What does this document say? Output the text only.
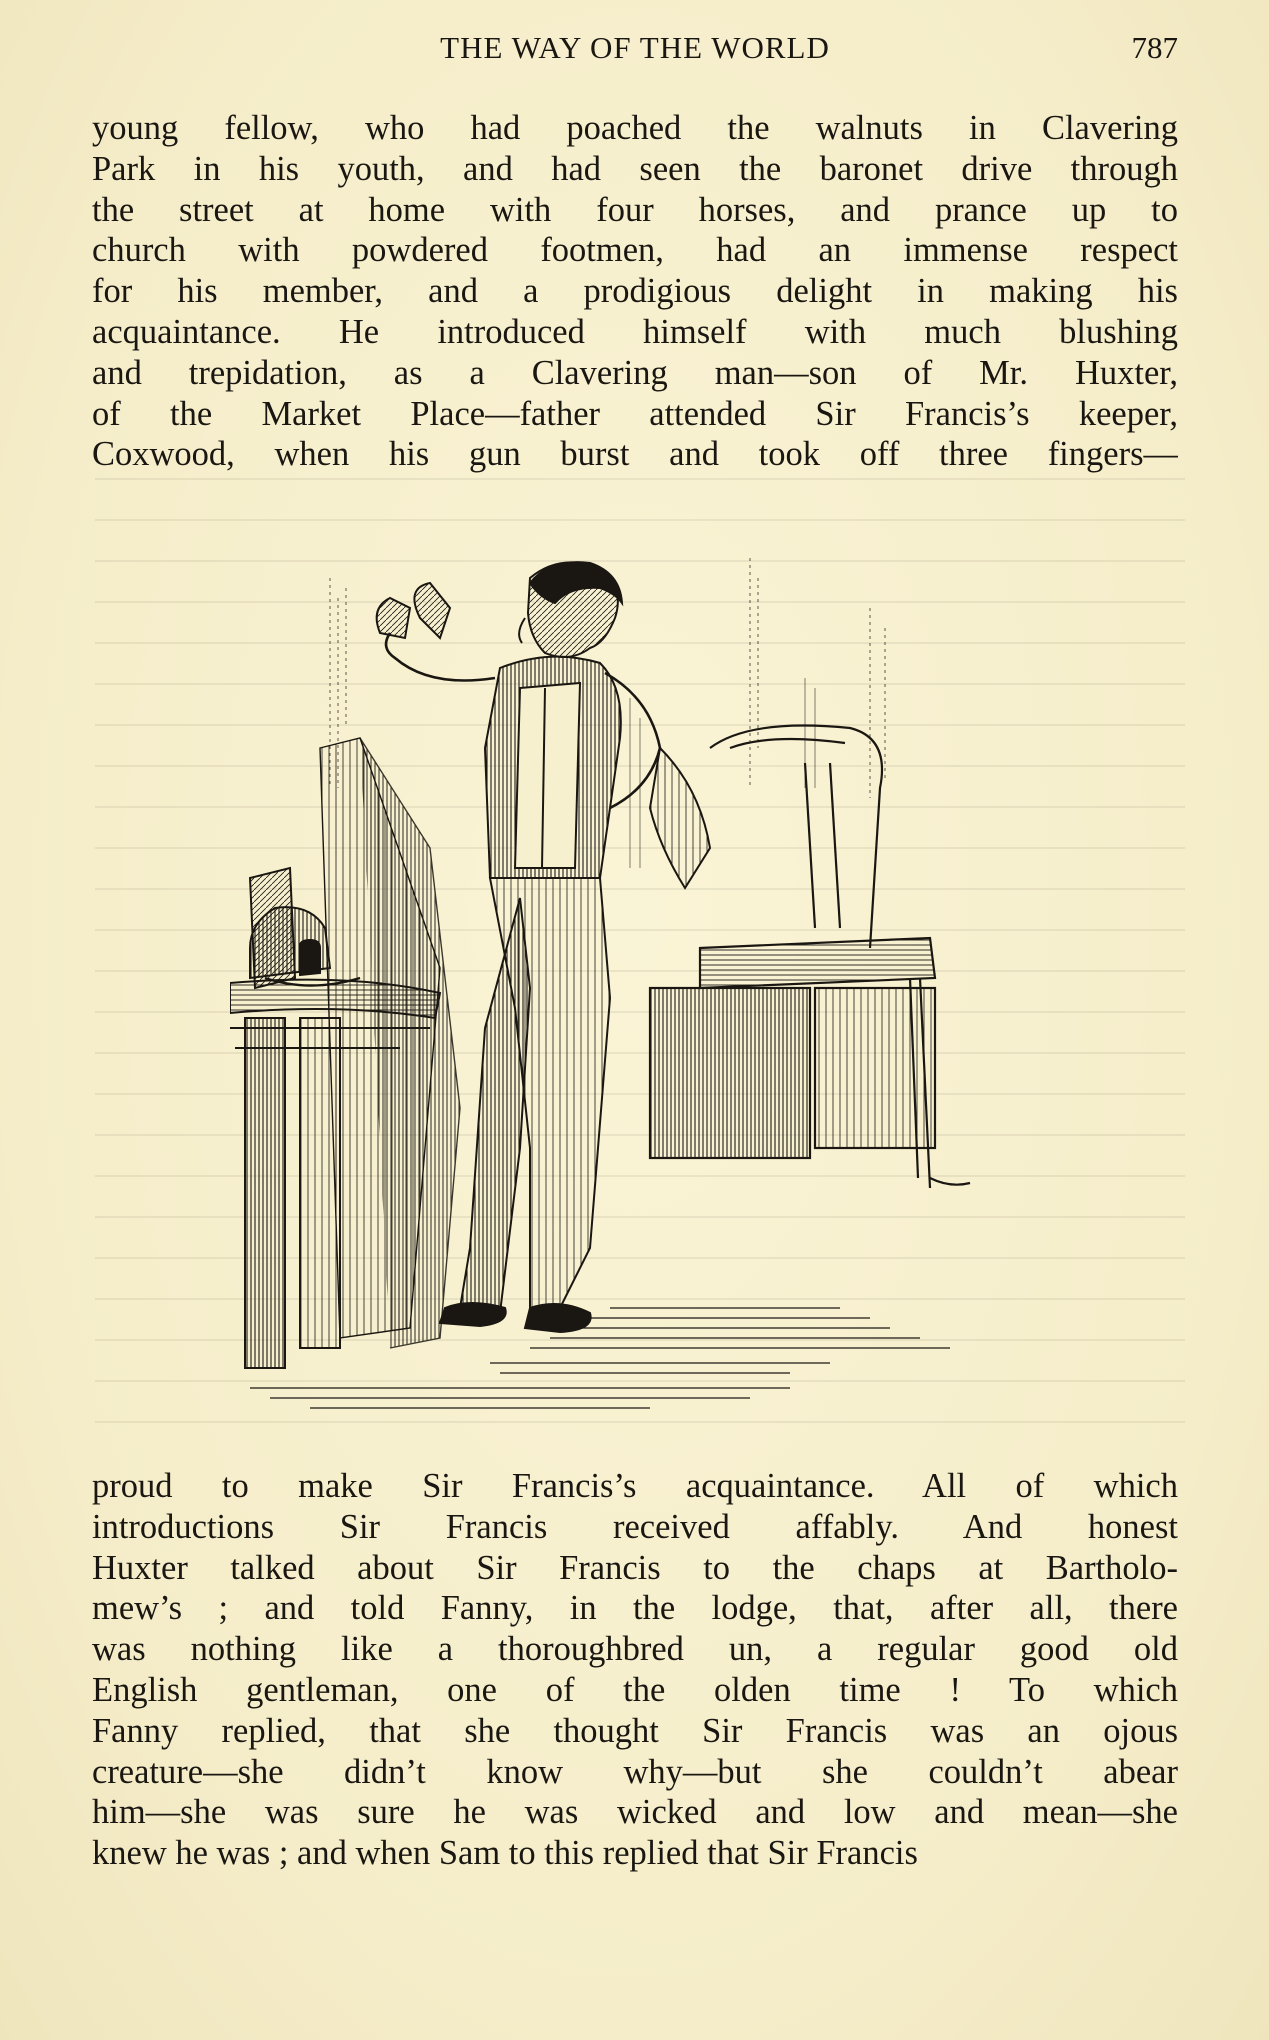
THE WAY OF THE WORLD	787
young fellow, who had poached the walnuts in Clavering
Park in his youth, and had seen the baronet drive through
the street at home with four horses, and prance up to
church with powdered footmen, had an immense respect
for his member, and a prodigious delight in making his
acquaintance. He introduced himself with much blushing
and trepidation, as a Clavering man—son of Mr. Huxter,
of the Market Place—father attended Sir Francis’s keeper,
Coxwood, when his gun burst and took off three fingers—
proud to make Sir Francis’s acquaintance. All of which
introductions Sir Francis received affably. And honest
Huxter talked about Sir Francis to the chaps at Bartholo-
mew’s ; and told Fanny, in the lodge, that, after all, there
was nothing like a thoroughbred un, a regular good old
English gentleman, one of the olden time ! To which
Fanny replied, that she thought Sir Francis was an ojous
creature—she didn’t know why—but she couldn’t abear
him—she was sure he was wicked and low and mean—she
knew he was ; and when Sam to this replied that Sir Francis
